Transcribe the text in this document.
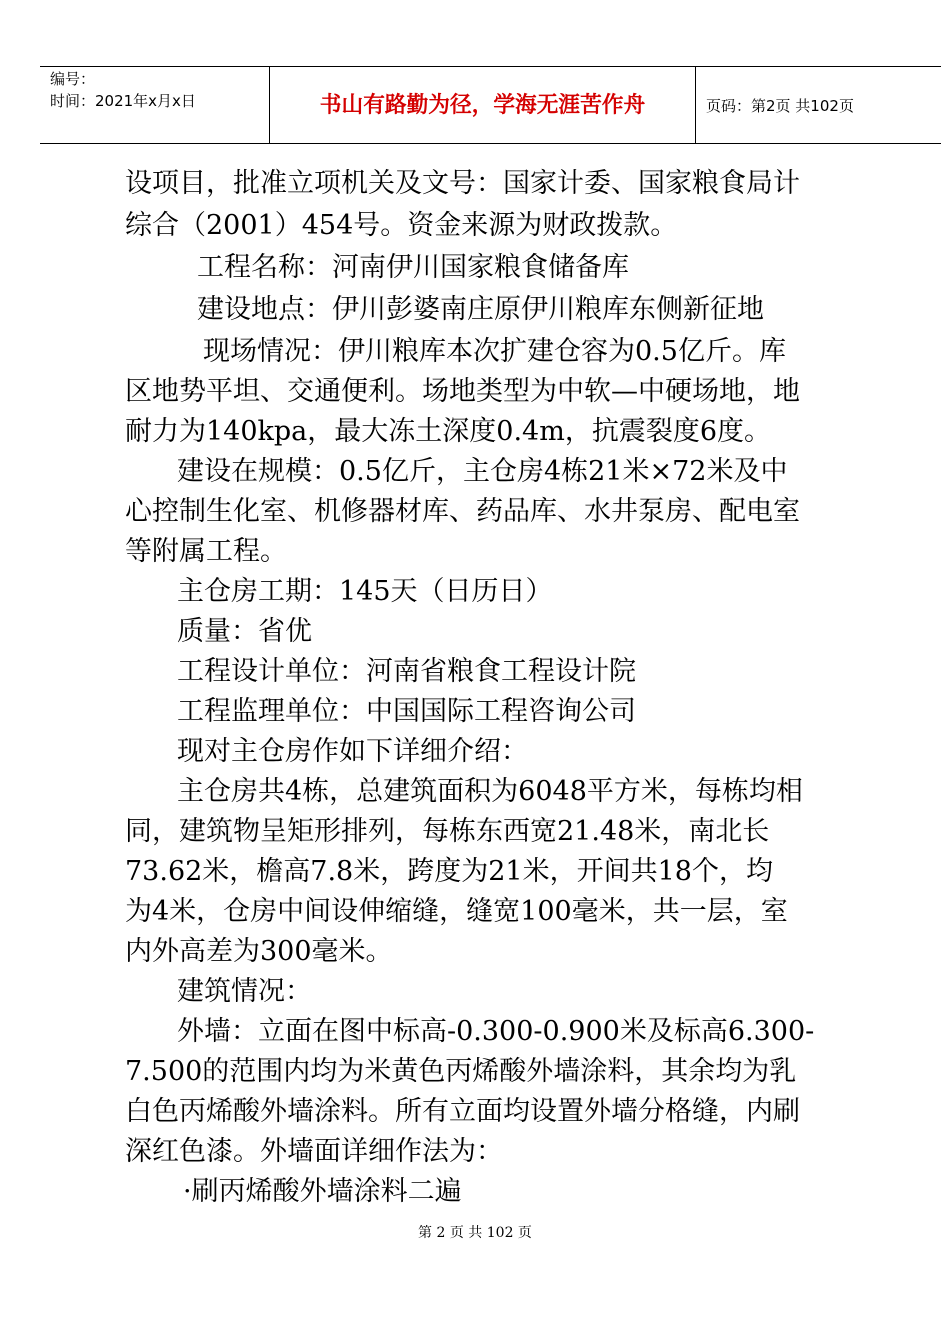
编号：
时间：2021年x月x日	书山有路勤为径，学海无涯苦作舟	页码：第2页 共102页
设项目，批准立项机关及文号：国家计委、国家粮食局计
综合（2001）454号。资金来源为财政拨款。
工程名称：河南伊川国家粮食储备库
建设地点：伊川彭婆南庄原伊川粮库东侧新征地
现场情况：伊川粮库本次扩建仓容为0.5亿斤。库
区地势平坦、交通便利。场地类型为中软—中硬场地，地
耐力为140kpa，最大冻土深度0.4m，抗震裂度6度。
建设在规模：0.5亿斤，主仓房4栋21米×72米及中
心控制生化室、机修器材库、药品库、水井泵房、配电室
等附属工程。
主仓房工期：145天（日历日）
质量：省优
工程设计单位：河南省粮食工程设计院
工程监理单位：中国国际工程咨询公司
现对主仓房作如下详细介绍：
主仓房共4栋，总建筑面积为6048平方米，每栋均相
同，建筑物呈矩形排列，每栋东西宽21.48米，南北长
73.62米，檐高7.8米，跨度为21米，开间共18个，均
为4米，仓房中间设伸缩缝，缝宽100毫米，共一层，室
内外高差为300毫米。
建筑情况：
外墙：立面在图中标高-0.300-0.900米及标高6.300-
7.500的范围内均为米黄色丙烯酸外墙涂料，其余均为乳
白色丙烯酸外墙涂料。所有立面均设置外墙分格缝，内刷
深红色漆。外墙面详细作法为：
·刷丙烯酸外墙涂料二遍
第 2 页 共 102 页
